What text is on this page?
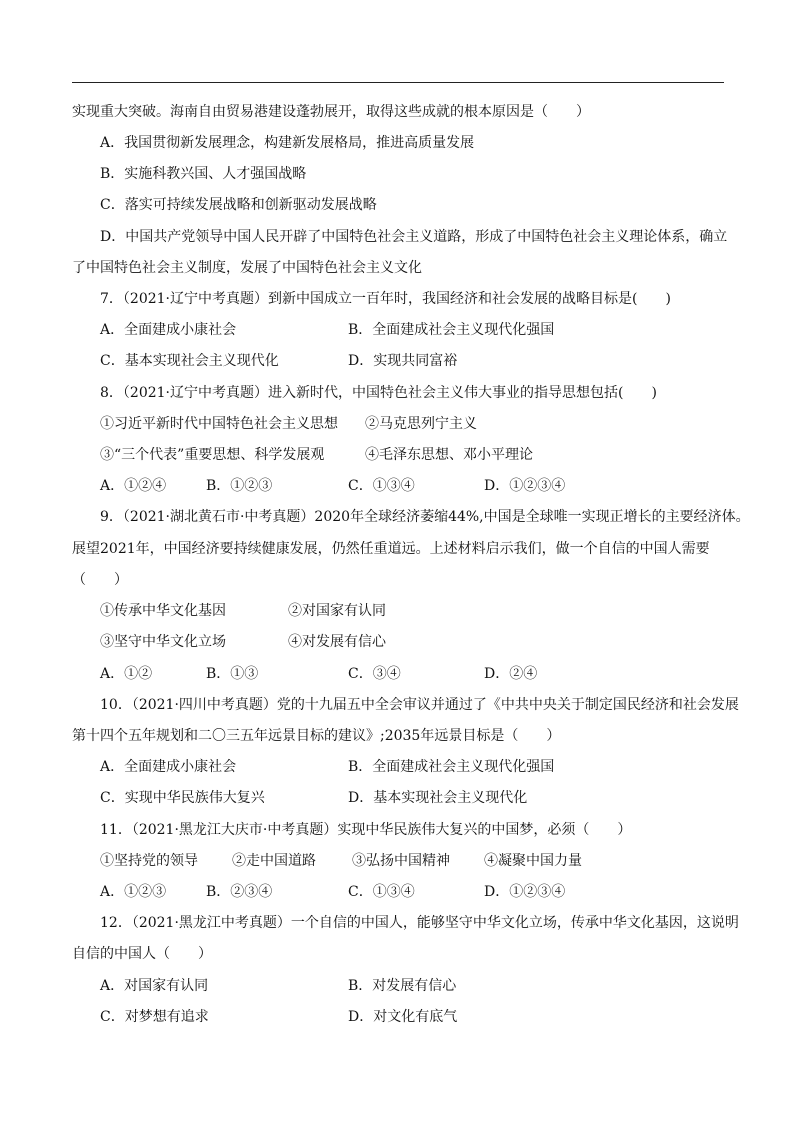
实现重大突破。海南自由贸易港建设蓬勃展开，取得这些成就的根本原因是（　　）
A．我国贯彻新发展理念，构建新发展格局，推进高质量发展
B．实施科教兴国、人才强国战略
C．落实可持续发展战略和创新驱动发展战略
D．中国共产党领导中国人民开辟了中国特色社会主义道路，形成了中国特色社会主义理论体系，确立
了中国特色社会主义制度，发展了中国特色社会主义文化
7．（2021·辽宁中考真题）到新中国成立一百年时，我国经济和社会发展的战略目标是(　　)
A．全面建成小康社会	B．全面建成社会主义现代化强国
C．基本实现社会主义现代化	D．实现共同富裕
8．（2021·辽宁中考真题）进入新时代，中国特色社会主义伟大事业的指导思想包括(　　)
①习近平新时代中国特色社会主义思想 ②马克思列宁主义
③“三个代表”重要思想、科学发展观	④毛泽东思想、邓小平理论
A．①②④	B．①②③	C．①③④	D．①②③④
9．（2021·湖北黄石市·中考真题）2020年全球经济萎缩44%,中国是全球唯一实现正增长的主要经济体。
展望2021年，中国经济要持续健康发展，仍然任重道远。上述材料启示我们，做一个自信的中国人需要
（　　）
①传承中华文化基因	②对国家有认同
③坚守中华文化立场	④对发展有信心
A．①②	B．①③	C．③④	D．②④
10．（2021·四川中考真题）党的十九届五中全会审议并通过了《中共中央关于制定国民经济和社会发展
第十四个五年规划和二〇三五年远景目标的建议》;2035年远景目标是（　　）
A．全面建成小康社会	B．全面建成社会主义现代化强国
C．实现中华民族伟大复兴	D．基本实现社会主义现代化
11．（2021·黑龙江大庆市·中考真题）实现中华民族伟大复兴的中国梦，必须（　　）
①坚持党的领导 ②走中国道路	③弘扬中国精神 ④凝聚中国力量
A．①②③	B．②③④	C．①③④	D．①②③④
12．（2021·黑龙江中考真题）一个自信的中国人，能够坚守中华文化立场，传承中华文化基因，这说明
自信的中国人（　　）
A．对国家有认同	B．对发展有信心
C．对梦想有追求	D．对文化有底气
